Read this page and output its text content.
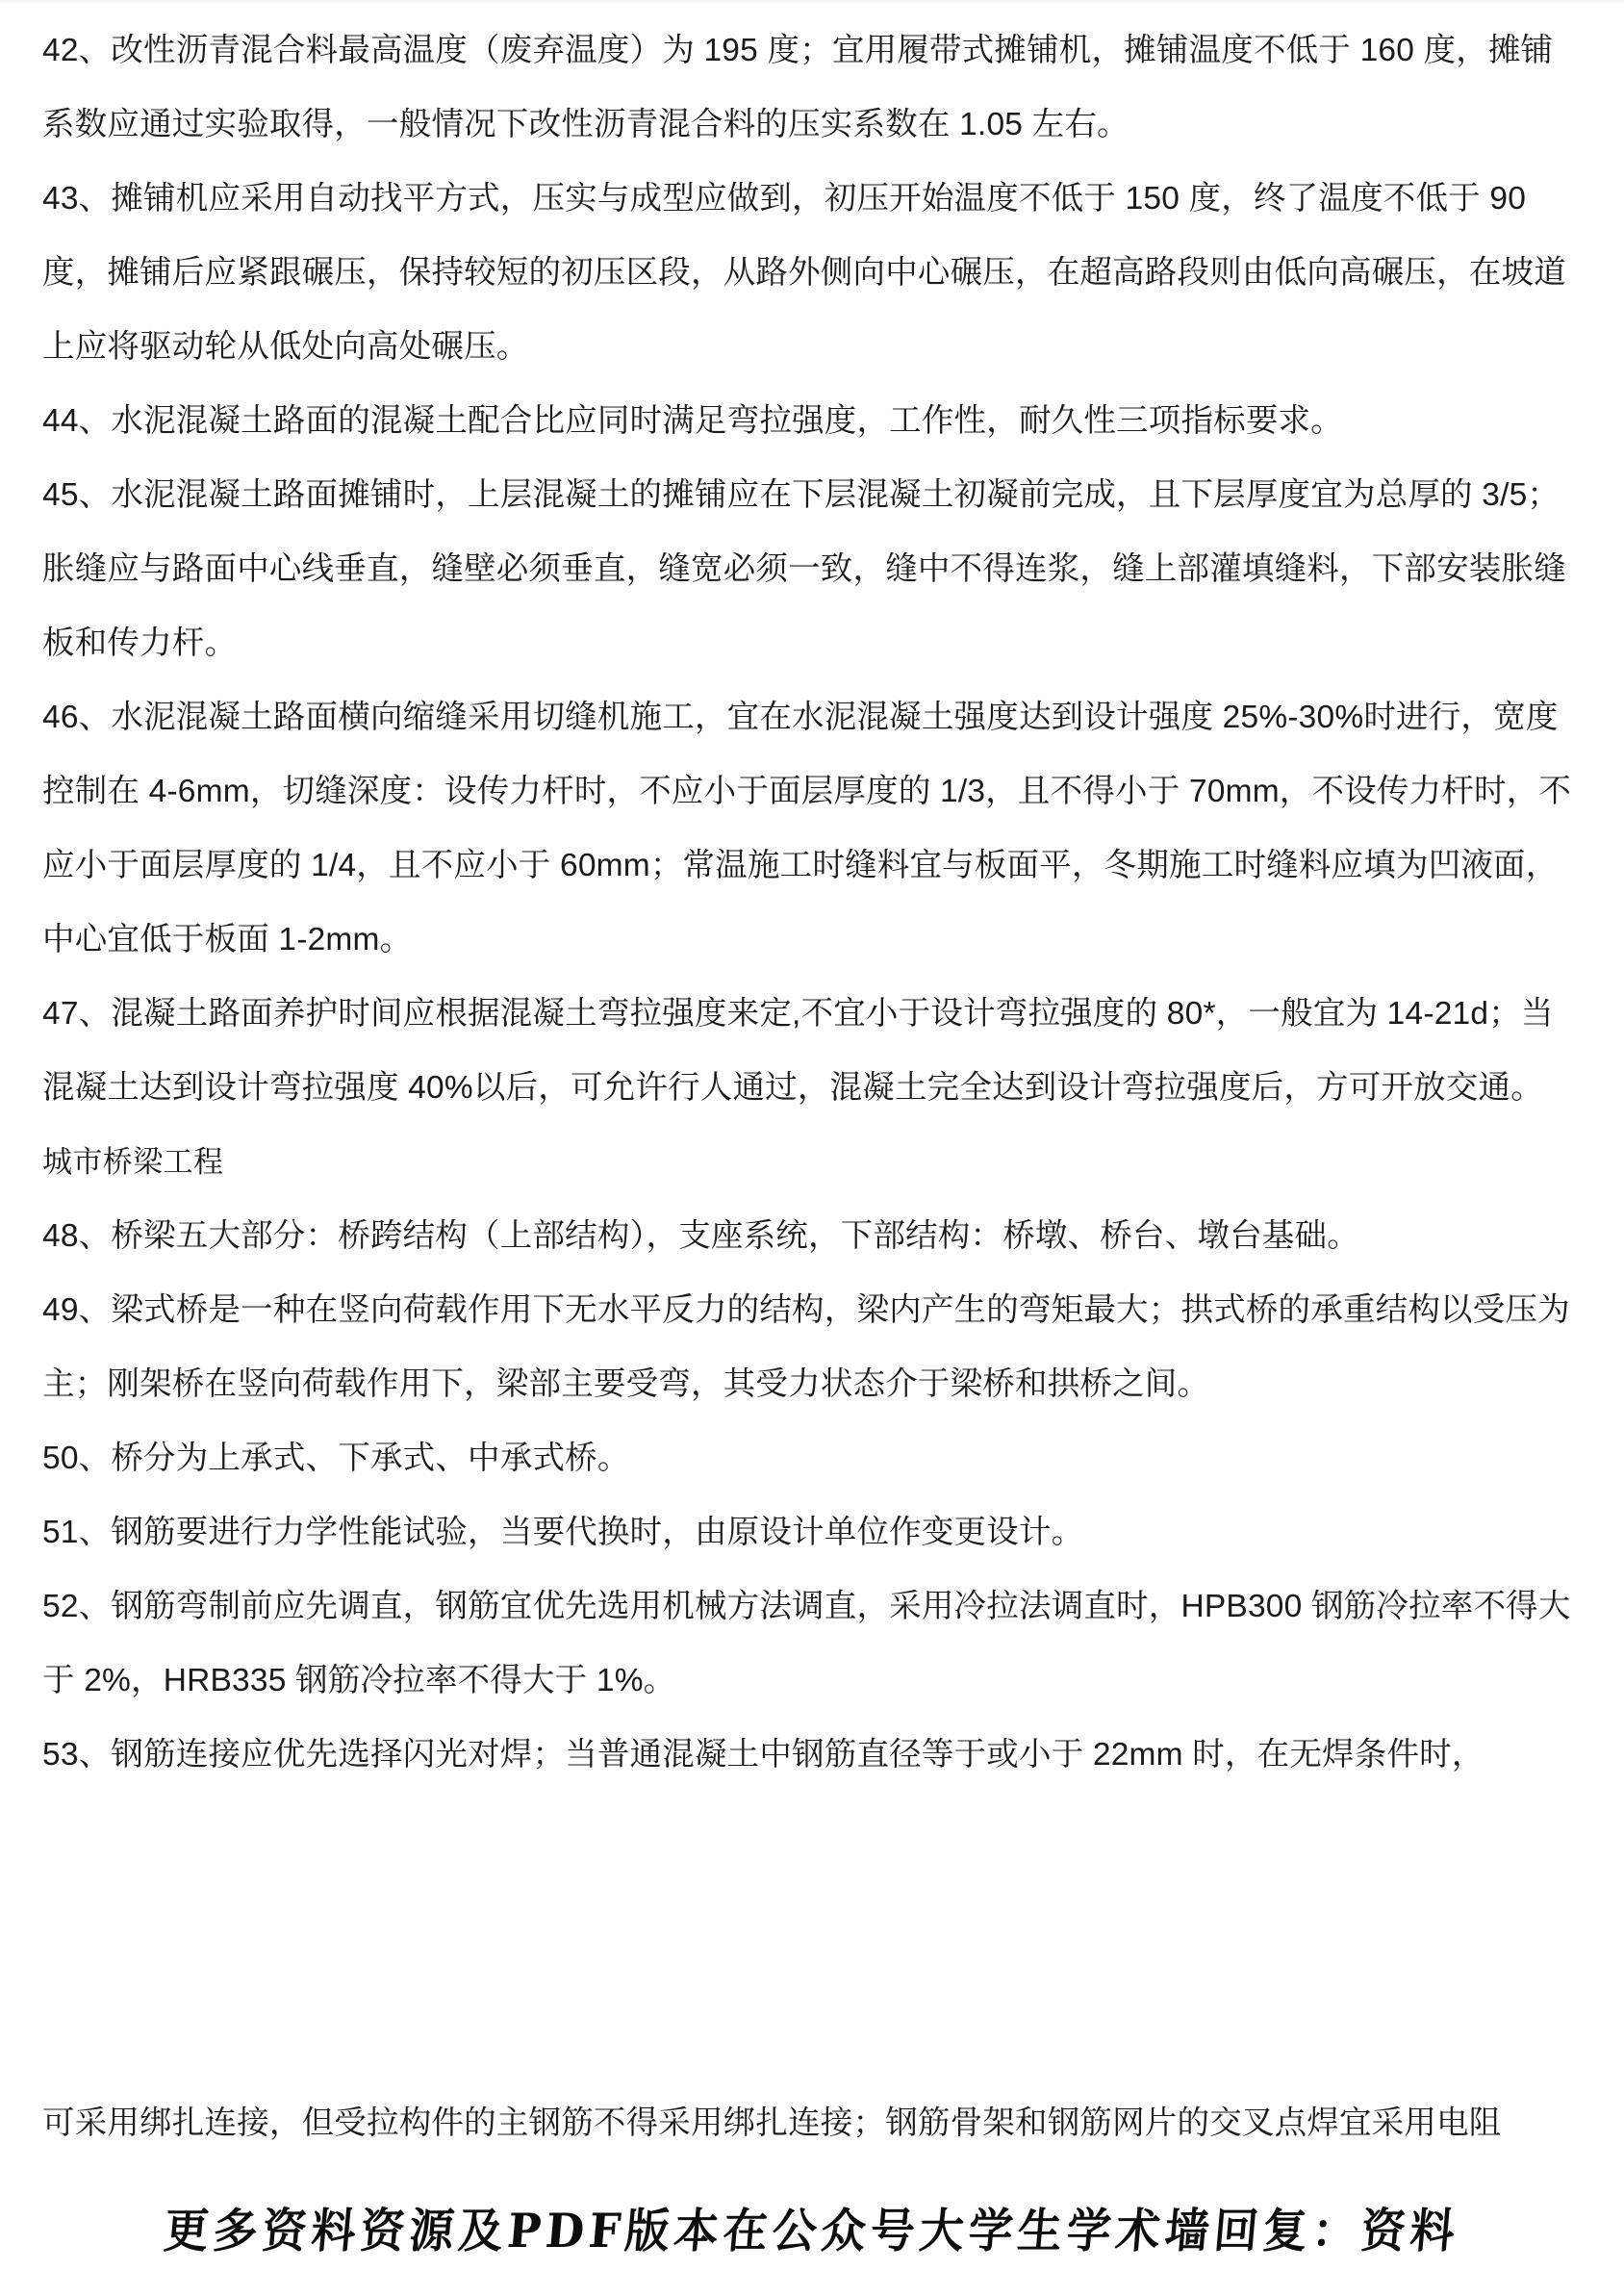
42、改性沥青混合料最高温度（废弃温度）为 195 度；宜用履带式摊铺机，摊铺温度不低于 160 度，摊铺系数应通过实验取得，一般情况下改性沥青混合料的压实系数在 1.05 左右。

43、摊铺机应采用自动找平方式，压实与成型应做到，初压开始温度不低于 150 度，终了温度不低于 90 度，摊铺后应紧跟碾压，保持较短的初压区段，从路外侧向中心碾压，在超高路段则由低向高碾压，在坡道上应将驱动轮从低处向高处碾压。

44、水泥混凝土路面的混凝土配合比应同时满足弯拉强度，工作性，耐久性三项指标要求。

45、水泥混凝土路面摊铺时，上层混凝土的摊铺应在下层混凝土初凝前完成，且下层厚度宜为总厚的 3/5；胀缝应与路面中心线垂直，缝壁必须垂直，缝宽必须一致，缝中不得连浆，缝上部灌填缝料，下部安装胀缝板和传力杆。

46、水泥混凝土路面横向缩缝采用切缝机施工，宜在水泥混凝土强度达到设计强度 25%-30%时进行，宽度控制在 4-6mm，切缝深度：设传力杆时，不应小于面层厚度的 1/3，且不得小于 70mm，不设传力杆时，不应小于面层厚度的 1/4，且不应小于 60mm；常温施工时缝料宜与板面平，冬期施工时缝料应填为凹液面，中心宜低于板面 1-2mm。

47、混凝土路面养护时间应根据混凝土弯拉强度来定,不宜小于设计弯拉强度的 80*，一般宜为 14-21d；当混凝土达到设计弯拉强度 40%以后，可允许行人通过，混凝土完全达到设计弯拉强度后，方可开放交通。

城市桥梁工程

48、桥梁五大部分：桥跨结构（上部结构），支座系统，下部结构：桥墩、桥台、墩台基础。

49、梁式桥是一种在竖向荷载作用下无水平反力的结构，梁内产生的弯矩最大；拱式桥的承重结构以受压为主；刚架桥在竖向荷载作用下，梁部主要受弯，其受力状态介于梁桥和拱桥之间。

50、桥分为上承式、下承式、中承式桥。

51、钢筋要进行力学性能试验，当要代换时，由原设计单位作变更设计。

52、钢筋弯制前应先调直，钢筋宜优先选用机械方法调直，采用冷拉法调直时，HPB300 钢筋冷拉率不得大于 2%，HRB335 钢筋冷拉率不得大于 1%。

53、钢筋连接应优先选择闪光对焊；当普通混凝土中钢筋直径等于或小于 22mm 时，在无焊条件时，

可采用绑扎连接，但受拉构件的主钢筋不得采用绑扎连接；钢筋骨架和钢筋网片的交叉点焊宜采用电阻

更多资料资源及PDF版本在公众号大学生学术墙回复：资料
